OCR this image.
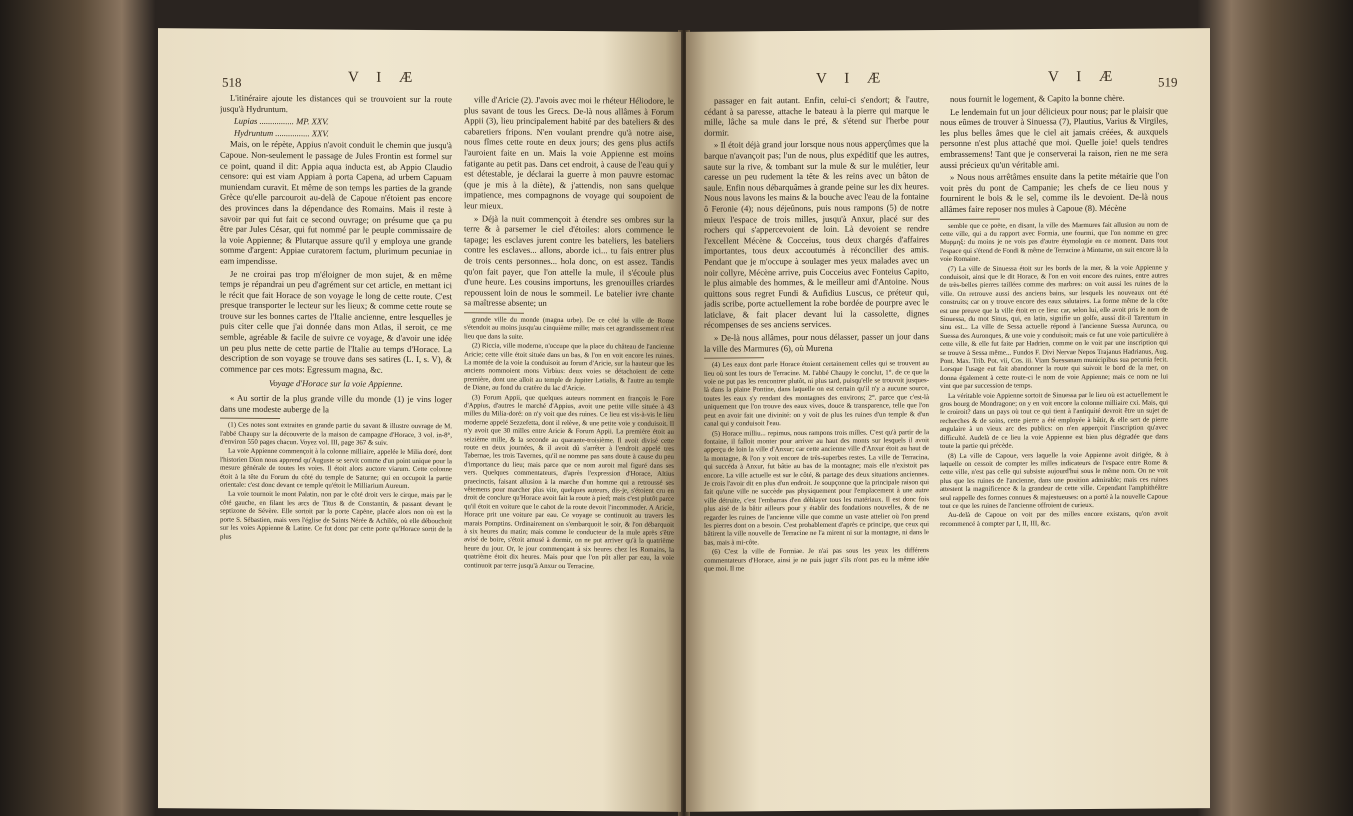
518	V I Æ

L'itinéraire ajoute les distances qui se trouvoient sur la route jusqu'à Hydruntum.

Lupias ................ MP. XXV.

Hydruntum ................ XXV.

Mais, on le répète, Appius n'avoit conduit le chemin que jusqu'à Capoue. Non-seulement le passage de Jules Frontin est formel sur ce point, quand il dit: Appia aqua inducta est, ab Appio Claudio censore: qui est viam Appiam à porta Capena, ad urbem Capuam muniendam curavit. Et même de son temps les parties de la grande Grèce qu'elle parcouroit au-delà de Capoue n'étoient pas encore des provinces dans la dépendance des Romains. Mais il reste à savoir par qui fut fait ce second ouvrage; on présume que ça pu être par Jules César, qui fut nommé par le peuple commissaire de la voie Appienne; & Plutarque assure qu'il y employa une grande somme d'argent: Appiae curatorem factum, plurimum pecuniae in eam impendisse.

Je ne croirai pas trop m'éloigner de mon sujet, & en même temps je répandrai un peu d'agrément sur cet article, en mettant ici le récit que fait Horace de son voyage le long de cette route. C'est presque transporter le lecteur sur les lieux; & comme cette route se trouve sur les bonnes cartes de l'Italie ancienne, entre lesquelles je puis citer celle que j'ai donnée dans mon Atlas, il seroit, ce me semble, agréable & facile de suivre ce voyage, & d'avoir une idée un peu plus nette de cette partie de l'Italie au temps d'Horace. La description de son voyage se trouve dans ses satires (L. I, s. V), & commence par ces mots: Egressum magna, &c.

Voyage d'Horace sur la voie Appienne.

« Au sortir de la plus grande ville du monde (1) je vins loger dans une modeste auberge de la

(1) Ces notes sont extraites en grande partie du savant & illustre ouvrage de M. l'abbé Chaupy sur la découverte de la maison de campagne d'Horace, 3 vol. in-8°, d'environ 550 pages chacun. Voyez vol. III, page 367 & suiv.

La voie Appienne commençoit à la colonne milliaire, appelée le Milia doré, dont l'historien Dion nous apprend qu'Auguste se servit comme d'un point unique pour la mesure générale de toutes les voies. Il étoit alors auctore viarum. Cette colonne étoit à la tête du Forum du côté du temple de Saturne; qui en occupoit la partie orientale: c'est donc devant ce temple qu'étoit le Milliarium Aureum.

La voie tournoit le mont Palatin, non par le côté droit vers le cirque, mais par le côté gauche, en filant les arcs de Titus & de Constantin, & passant devant le septizone de Sévère. Elle sortoit par la porte Capène, placée alors non où est la porte S. Sébastien, mais vers l'église de Saints Nérée & Achilée, où elle débouchoit sur les voies Appienne & Latine. Ce fut donc par cette porte qu'Horace sortit de la plus

ville d'Aricie (2). J'avois avec moi le rhéteur Héliodore, le plus savant de tous les Grecs. De-là nous allâmes à Forum Appii (3), lieu principalement habité par des bateliers & des cabaretiers fripons. N'en voulant prendre qu'à notre aise, nous fîmes cette route en deux jours; des gens plus actifs l'auroient faite en un. Mais la voie Appienne est moins fatigante au petit pas. Dans cet endroit, à cause de l'eau qui y est détestable, je déclarai la guerre à mon pauvre estomac (que je mis à la diète), & j'attendis, non sans quelque impatience, mes compagnons de voyage qui soupoient de leur mieux.

» Déjà la nuit commençoit à étendre ses ombres sur la terre & à parsemer le ciel d'étoiles: alors commence le tapage; les esclaves jurent contre les bateliers, les bateliers contre les esclaves... allons, aborde ici... tu fais entrer plus de trois cents personnes... hola donc, on est assez. Tandis qu'on fait payer, que l'on attelle la mule, il s'écoule plus d'une heure. Les cousins importuns, les grenouilles criardes repoussent loin de nous le sommeil. Le batelier ivre chante sa maîtresse absente; un

grande ville du monde (magna urbe). De ce côté la ville de Rome s'étendoit au moins jusqu'au cinquième mille; mais cet agrandissement n'eut lieu que dans la suite.

(2) Riccia, ville moderne, n'occupe que la place du château de l'ancienne Aricie; cette ville étoit située dans un bas, & l'on en voit encore les ruines. La montée de la voie la conduisoit au forum d'Aricie, sur la hauteur que les anciens nommoient mons Virbius: deux voies se détachoient de cette première, dont une alloit au temple de Jupiter Latialis, & l'autre au temple de Diane, au fond du cratère du lac d'Aricie.

(3) Forum Appii, que quelques auteurs nomment en françois le Fore d'Appius, d'autres le marché d'Appius, avoit une petite ville située à 43 milles du Milia-doré: on n'y voit que des ruines. Ce lieu est vis-à-vis le lieu moderne appelé Sezzefetta, dont il relève, & une petite voie y conduisoit. Il n'y avoit que 30 milles entre Aricie & Forum Appii. La première étoit au seizième mille, & la seconde au quarante-troisième. Il avoit divisé cette route en deux journées, & il avoit dû s'arrêter à l'endroit appelé tres Tabernae, les trois Tavernes, qu'il ne nomme pas sans doute à cause du peu d'importance du lieu; mais parce que ce nom auroit mal figuré dans ses vers. Quelques commentateurs, d'après l'expression d'Horace, Altius praecinctis, faisant allusion à la marche d'un homme qui a retroussé ses vêtemens pour marcher plus vite, quelques auteurs, dis-je, s'étoient cru en droit de conclure qu'Horace avoit fait la route à pied; mais c'est plutôt parce qu'il étoit en voiture que le cahot de la route devoit l'incommoder. A Aricie, Horace prit une voiture par eau. Ce voyage se continuoit au travers les marais Pomptins. Ordinairement on s'embarquoit le soir, & l'on débarquoit à six heures du matin; mais comme le conducteur de la mule après s'être avisé de boire, s'étoit amusé à dormir, on ne put arriver qu'à la quatrième heure du jour. Or, le jour commençant à six heures chez les Romains, la quatrième étoit dix heures. Mais pour que l'on pût aller par eau, la voie continuoit par terre jusqu'à Anxur ou Terracine.

V I Æ	V I Æ	519

passager en fait autant. Enfin, celui-ci s'endort; & l'autre, cédant à sa paresse, attache le bateau à la pierre qui marque le mille, lâche sa mule dans le pré, & s'étend sur l'herbe pour dormir.

» Il étoit déjà grand jour lorsque nous nous apperçûmes que la barque n'avançoit pas; l'un de nous, plus expéditif que les autres, saute sur la rive, & tombant sur la mule & sur le mulétier, leur caresse un peu rudement la tête & les reins avec un bâton de saule. Enfin nous débarquâmes à grande peine sur les dix heures. Nous nous lavons les mains & la bouche avec l'eau de la fontaine ô Feronie (4); nous déjeûnons, puis nous rampons (5) de notre mieux l'espace de trois milles, jusqu'à Anxur, placé sur des rochers qui s'appercevoient de loin. Là devoient se rendre l'excellent Mécène & Cocceius, tous deux chargés d'affaires importantes, tous deux accoutumés à réconcilier des amis. Pendant que je m'occupe à soulager mes yeux malades avec un noir collyre, Mécène arrive, puis Cocceius avec Fonteius Capito, le plus aimable des hommes, & le meilleur ami d'Antoine. Nous quittons sous regret Fundi & Aufidius Luscus, ce préteur qui, jadis scribe, porte actuellement la robe bordée de pourpre avec le laticlave, & fait placer devant lui la cassolette, dignes récompenses de ses anciens services.

» De-là nous allâmes, pour nous délasser, passer un jour dans la ville des Marmures (6), où Murena

(4) Les eaux dont parle Horace étoient certainement celles qui se trouvent au lieu où sont les tours de Terracine. M. l'abbé Chaupy le conclut, 1°. de ce que la voie ne put pas les rencontrer plutôt, ni plus tard, puisqu'elle se trouvoit jusques-là dans la plaine Pontine, dans laquelle on est certain qu'il n'y a aucune source, toutes les eaux s'y rendant des montagnes des environs; 2°. parce que c'est-là uniquement que l'on trouve des eaux vives, douce & transparence, telle que l'on peut en avoir fait une divinité: on y voit de plus les ruines d'un temple & d'un canal qui y conduisoit l'eau.

(5) Horace milliu... repimus, nous rampons trois milles. C'est qu'à partir de la fontaine, il falloit monter pour arriver au haut des monts sur lesquels il avoit apperçu de loin la ville d'Anxur; car cette ancienne ville d'Anxur étoit au haut de la montagne, & l'on y voit encore de très-superbes restes. La ville de Terracina, qui succéda à Anxur, fut bâtie au bas de la montagne; mais elle n'existoit pas encore. La ville actuelle est sur le côté, & partage des deux situations anciennes. Je crois l'avoir dit en plus d'un endroit. Je soupçonne que la principale raison qui fait qu'une ville ne succède pas physiquement pour l'emplacement à une autre ville détruite, c'est l'embarras d'en déblayer tous les matériaux. Il est donc fois plus aisé de la bâtir ailleurs pour y établir des fondations nouvelles, & de ne regarder les ruines de l'ancienne ville que comme un vaste attelier où l'on prend les pierres dont on a besoin. C'est probablement d'après ce principe, que ceux qui bâtirent la ville nouvelle de Terracine ne l'a mirent ni sur la montagne, ni dans le bas, mais à mi-côte.

(6) C'est la ville de Formiae. Je n'ai pas sous les yeux les différens commentateurs d'Horace, ainsi je ne puis juger s'ils n'ont pas eu la même idée que moi. Il me

nous fournit le logement, & Capito la bonne chère.

Le lendemain fut un jour délicieux pour nous; par le plaisir que nous eûmes de trouver à Sinuessa (7), Plautius, Varius & Virgiles, les plus belles âmes que le ciel ait jamais créées, & auxquels personne n'est plus attaché que moi. Quelle joie! quels tendres embrassemens! Tant que je conserverai la raison, rien ne me sera aussi précieux qu'un véritable ami.

» Nous nous arrêtâmes ensuite dans la petite métairie que l'on voit près du pont de Campanie; les chefs de ce lieu nous y fournirent le bois & le sel, comme ils le devoient. De-là nous allâmes faire reposer nos mules à Capoue (8). Mécène

semble que ce poète, en disant, la ville des Marmures fait allusion au nom de cette ville, qui a du rapport avec Formia, une fourmi, que l'on nomme en grec Μυρμηξ: du moins je ne vois pas d'autre étymologie en ce moment. Dans tout l'espace qui s'étend de Fondi & même de Terracine à Minturne, on suit encore là la voie Romaine.

(7) La ville de Sinuessa étoit sur les bords de la mer, & la voie Appienne y conduisoit, ainsi que le dit Horace, & l'on en voit encore des ruines, entre autres de très-belles pierres taillées comme des marbres: on voit aussi les ruines de la ville. On retrouve aussi des anciens bains, sur lesquels les nouveaux ont été construits; car on y trouve encore des eaux salutaires. La forme même de la côte est une preuve que la ville étoit en ce lieu: car, selon lui, elle avoit pris le nom de Sinuessa, du mot Sinus, qui, en latin, signifie un golfe, aussi dit-il Tarentum in sinu est... La ville de Sessa actuelle répond à l'ancienne Suessa Aurunca, ou Suessa des Auronques, & une voie y conduisoit; mais ce fut une voie particulière à cette ville, & elle fut faite par Hadrien, comme on le voit par une inscription qui se trouve à Sessa même... Fundos F. Divi Nervae Nepos Trajanus Hadrianus, Aug. Pont. Max. Trib. Pot. vii, Cos. iii. Viam Suessanam municipibus sua pecunia fecit. Lorsque l'usage eut fait abandonner la route qui suivoit le bord de la mer, on donna également à cette route-ci le nom de voie Appienne; mais ce nom ne lui vint que par succession de temps.

La véritable voie Appienne sortoit de Sinuessa par le lieu où est actuellement le gros bourg de Mondragone; on y en voit encore la colonne milliaire cxi. Mais, qui le croiroit? dans un pays où tout ce qui tient à l'antiquité devroit être un sujet de recherches & de soins, cette pierre a été employée à bâtir, & elle sert de pierre angulaire à un vieux arc des publics: on n'en apperçoit l'inscription qu'avec difficulté. Audelà de ce lieu la voie Appienne est bien plus dégradée que dans toute la partie qui précède.

(8) La ville de Capoue, vers laquelle la voie Appienne avoit dirigée, & à laquelle on cessoit de compter les milles indicateurs de l'espace entre Rome & cette ville, n'est pas celle qui subsiste aujourd'hui sous le même nom. On ne voit plus que les ruines de l'ancienne, dans une position admirable; mais ces ruines attestent la magnificence & la grandeur de cette ville. Cependant l'amphithéâtre seul rappelle des formes connues & majestueuses: on a porté à la nouvelle Capoue tout ce que les ruines de l'ancienne offroient de curieux.

Au-delà de Capoue on voit par des milles encore existans, qu'on avoit recommencé à compter par I, II, III, &c.
